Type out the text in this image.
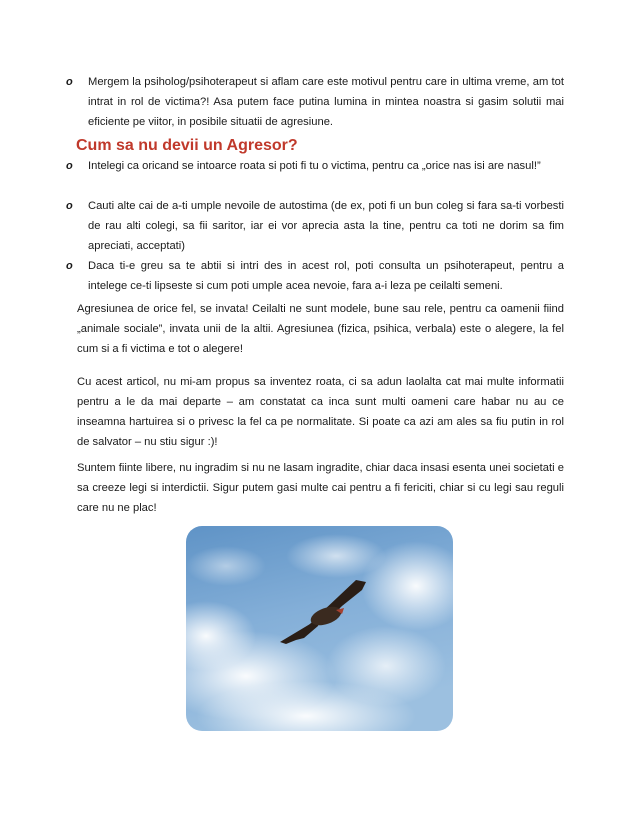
o Mergem la psiholog/psihoterapeut si aflam care este motivul pentru care in ultima vreme, am tot intrat in rol de victima?! Asa putem face putina lumina in mintea noastra si gasim solutii mai eficiente pe viitor, in posibile situatii de agresiune.

Cum sa nu devii un Agresor?
o Intelegi ca oricand se intoarce roata si poti fi tu o victima, pentru ca „orice nas isi are nasul!”

o Cauti alte cai de a-ti umple nevoile de autostima (de ex, poti fi un bun coleg si fara sa-ti vorbesti de rau alti colegi, sa fii saritor, iar ei vor aprecia asta la tine, pentru ca toti ne dorim sa fim apreciati, acceptati)

o Daca ti-e greu sa te abtii si intri des in acest rol, poti consulta un psihoterapeut, pentru a intelege ce-ti lipseste si cum poti umple acea nevoie, fara a-i leza pe ceilalti semeni.

Agresiunea de orice fel, se invata! Ceilalti ne sunt modele, bune sau rele, pentru ca oamenii fiind „animale sociale”, invata unii de la altii. Agresiunea (fizica, psihica, verbala) este o alegere, la fel cum si a fi victima e tot o alegere!

Cu acest articol, nu mi-am propus sa inventez roata, ci sa adun laolalta cat mai multe informatii pentru a le da mai departe – am constatat ca inca sunt multi oameni care habar nu au ce inseamna hartuirea si o privesc la fel ca pe normalitate. Si poate ca azi am ales sa fiu putin in rol de salvator – nu stiu sigur :)!

Suntem fiinte libere, nu ingradim si nu ne lasam ingradite, chiar daca insasi esenta unei societati e sa creeze legi si interdictii. Sigur putem gasi multe cai pentru a fi fericiti, chiar si cu legi sau reguli care nu ne plac!
